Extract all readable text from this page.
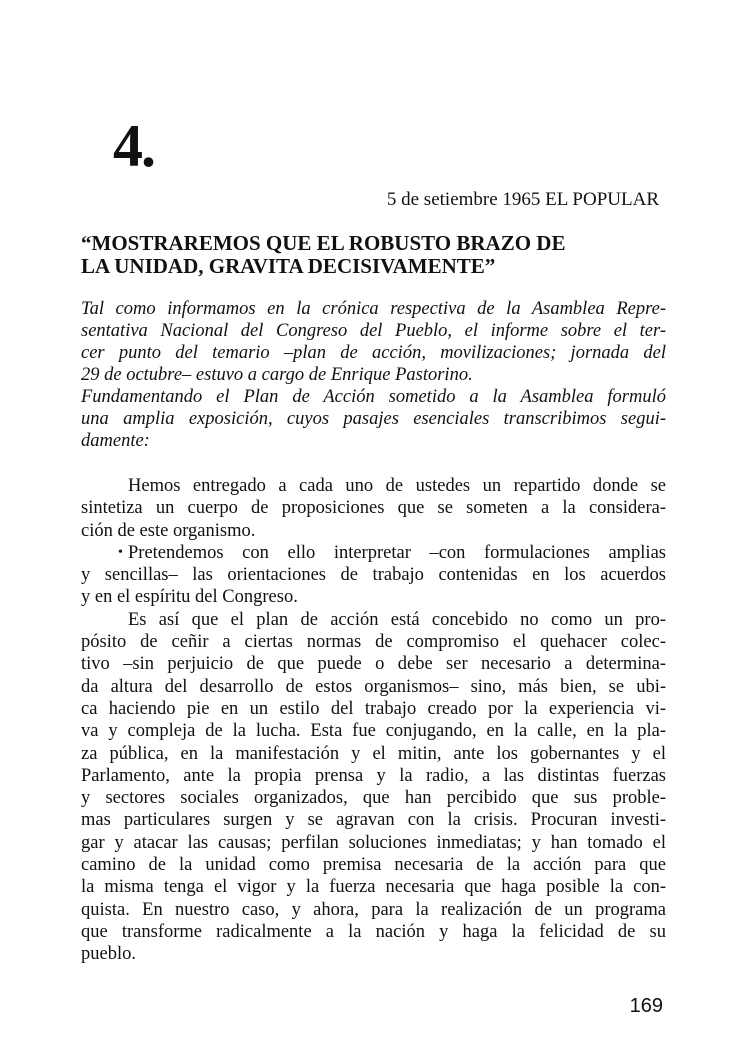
4.
5 de setiembre 1965 EL POPULAR
“MOSTRAREMOS QUE EL ROBUSTO BRAZO DE
LA UNIDAD, GRAVITA DECISIVAMENTE”
Tal como informamos en la crónica respectiva de la Asamblea Repre-
sentativa Nacional del Congreso del Pueblo, el informe sobre el ter-
cer punto del temario –plan de acción, movilizaciones; jornada del
29 de octubre– estuvo a cargo de Enrique Pastorino.
Fundamentando el Plan de Acción sometido a la Asamblea formuló
una amplia exposición, cuyos pasajes esenciales transcribimos segui-
damente:
Hemos entregado a cada uno de ustedes un repartido donde se
sintetiza un cuerpo de proposiciones que se someten a la considera-
ción de este organismo.
• Pretendemos con ello interpretar –con formulaciones amplias
y sencillas– las orientaciones de trabajo contenidas en los acuerdos
y en el espíritu del Congreso.
Es así que el plan de acción está concebido no como un pro-
pósito de ceñir a ciertas normas de compromiso el quehacer colec-
tivo –sin perjuicio de que puede o debe ser necesario a determina-
da altura del desarrollo de estos organismos– sino, más bien, se ubi-
ca haciendo pie en un estilo del trabajo creado por la experiencia vi-
va y compleja de la lucha. Esta fue conjugando, en la calle, en la pla-
za pública, en la manifestación y el mitin, ante los gobernantes y el
Parlamento, ante la propia prensa y la radio, a las distintas fuerzas
y sectores sociales organizados, que han percibido que sus proble-
mas particulares surgen y se agravan con la crisis. Procuran investi-
gar y atacar las causas; perfilan soluciones inmediatas; y han tomado el
camino de la unidad como premisa necesaria de la acción para que
la misma tenga el vigor y la fuerza necesaria que haga posible la con-
quista. En nuestro caso, y ahora, para la realización de un programa
que transforme radicalmente a la nación y haga la felicidad de su
pueblo.
169
